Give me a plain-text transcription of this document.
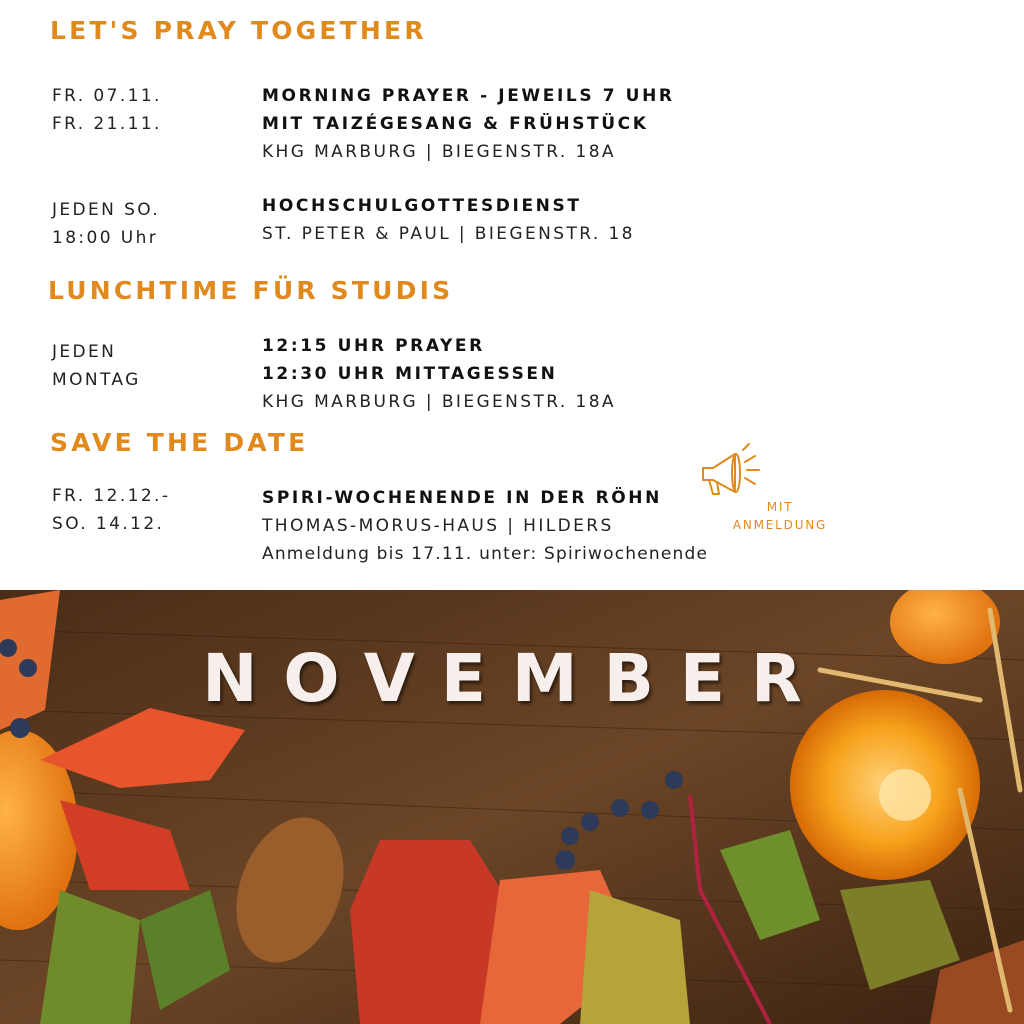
LET'S PRAY TOGETHER
FR. 07.11.
FR. 21.11.
MORNING PRAYER - JEWEILS 7 UHR
MIT TAIZÉGESANG & FRÜHSTÜCK
KHG MARBURG | BIEGENSTR. 18A
JEDEN SO.
18:00 Uhr
HOCHSCHULGOTTESDIENST
ST. PETER & PAUL | BIEGENSTR. 18
LUNCHTIME FÜR STUDIS
JEDEN
MONTAG
12:15 UHR PRAYER
12:30 UHR MITTAGESSEN
KHG MARBURG | BIEGENSTR. 18A
SAVE THE DATE
FR. 12.12.-
SO. 14.12.
SPIRI-WOCHENENDE IN DER RÖHN
THOMAS-MORUS-HAUS | HILDERS
Anmeldung bis 17.11. unter: Spiriwochenende
MIT
ANMELDUNG
NOVEMBER
